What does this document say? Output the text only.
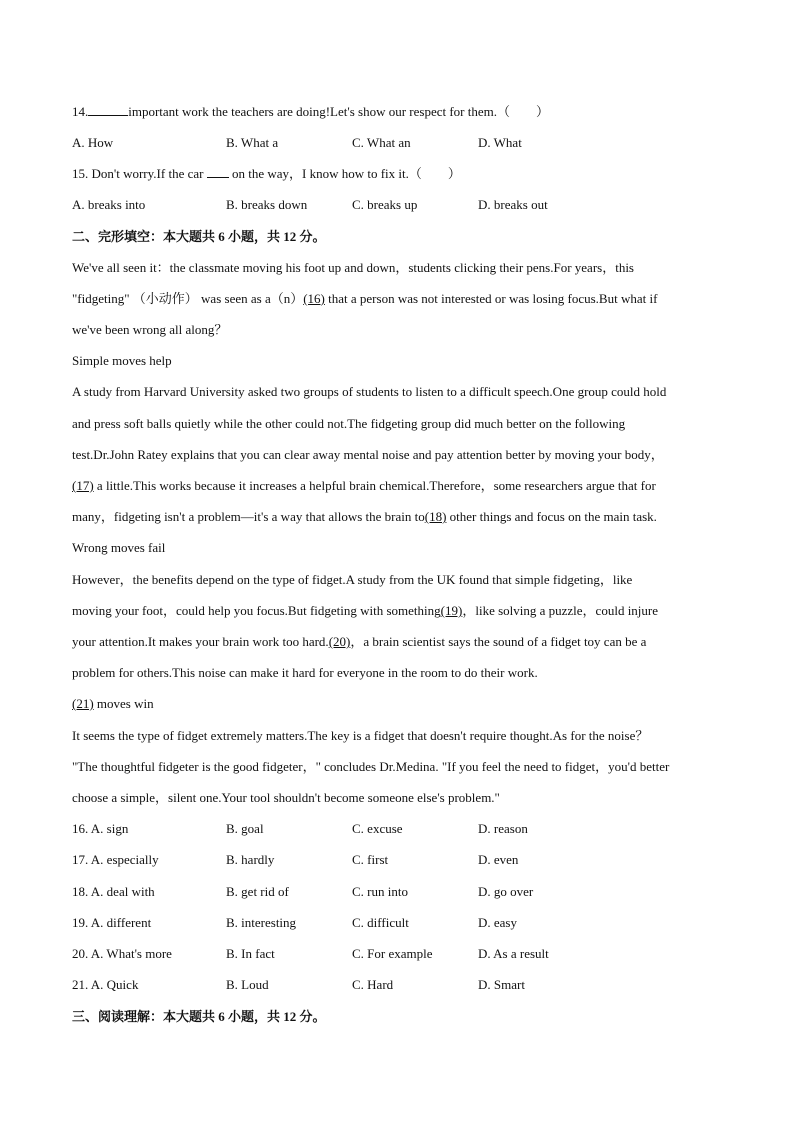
14.	important work the teachers are doing!Let's show our respect for them.（　　）
A. How	B. What a	C. What an	D. What
15. Don't worry.If the car on the way，I know how to fix it.（　　）
A. breaks into	B. breaks down	C. breaks up	D. breaks out
二、完形填空：本大题共 6 小题，共 12 分。
We've all seen it：the classmate moving his foot up and down，students clicking their pens.For years，this
"fidgeting" （小动作） was seen as a（n）(16) that a person was not interested or was losing focus.But what if
we've been wrong all along？
Simple moves help
A study from Harvard University asked two groups of students to listen to a difficult speech.One group could hold
and press soft balls quietly while the other could not.The fidgeting group did much better on the following
test.Dr.John Ratey explains that you can clear away mental noise and pay attention better by moving your body，
(17) a little.This works because it increases a helpful brain chemical.Therefore，some researchers argue that for
many，fidgeting isn't a problem—it's a way that allows the brain to(18) other things and focus on the main task.
Wrong moves fail
However，the benefits depend on the type of fidget.A study from the UK found that simple fidgeting，like
moving your foot，could help you focus.But fidgeting with something(19)，like solving a puzzle，could injure
your attention.It makes your brain work too hard.(20)，a brain scientist says the sound of a fidget toy can be a
problem for others.This noise can make it hard for everyone in the room to do their work.
(21) moves win
It seems the type of fidget extremely matters.The key is a fidget that doesn't require thought.As for the noise？
"The thoughtful fidgeter is the good fidgeter，" concludes Dr.Medina. "If you feel the need to fidget，you'd better
choose a simple，silent one.Your tool shouldn't become someone else's problem."
16. A. sign	B. goal	C. excuse	D. reason
17. A. especially	B. hardly	C. first	D. even
18. A. deal with	B. get rid of	C. run into	D. go over
19. A. different	B. interesting	C. difficult	D. easy
20. A. What's more	B. In fact	C. For example	D. As a result
21. A. Quick	B. Loud	C. Hard	D. Smart
三、阅读理解：本大题共 6 小题，共 12 分。
